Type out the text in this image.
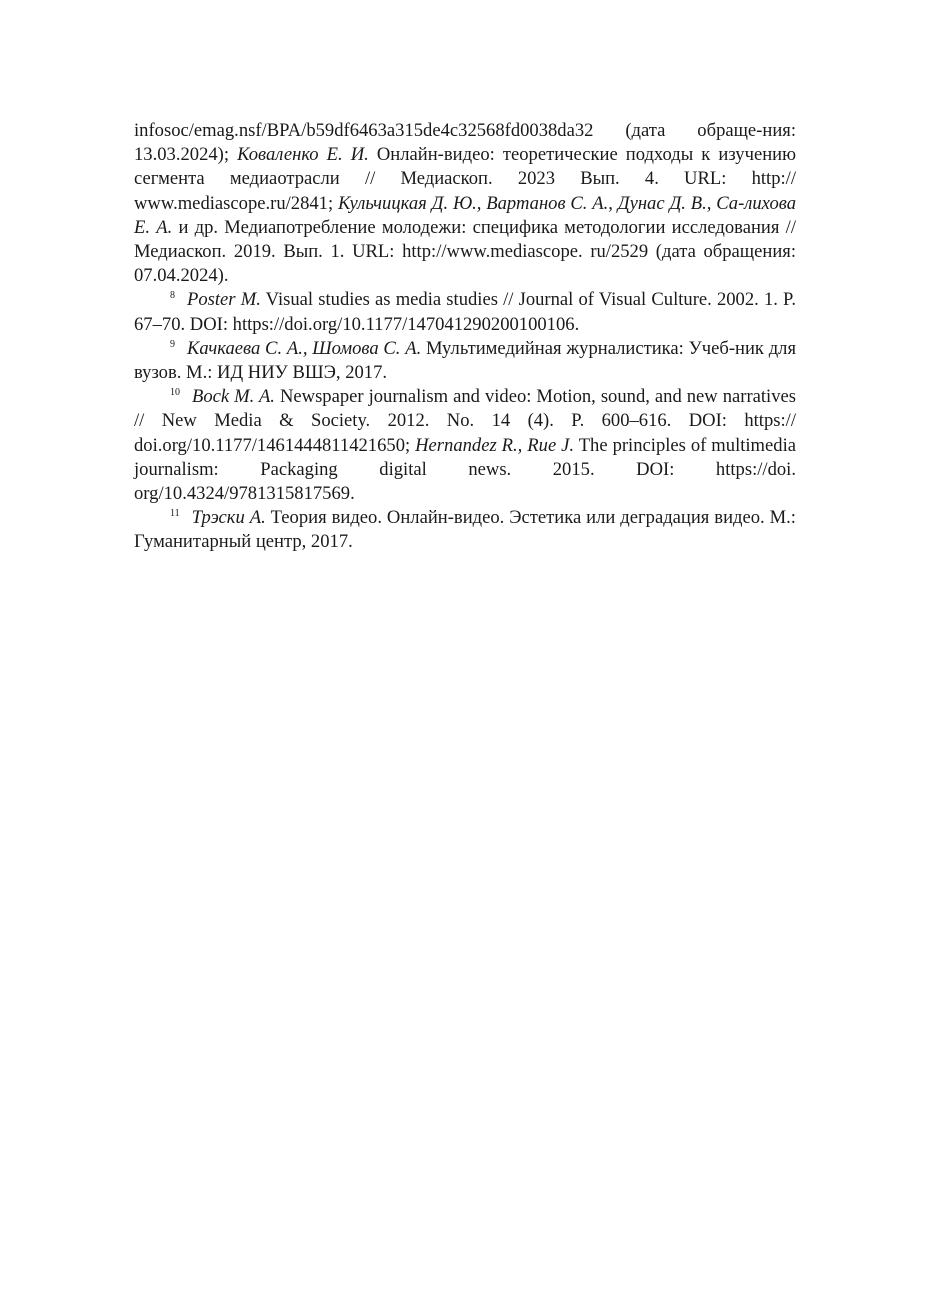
infosoc/emag.nsf/BPA/b59df6463a315de4c32568fd0038da32 (дата обраще-ния: 13.03.2024); Коваленко Е. И. Онлайн-видео: теоретические подходы к изучению сегмента медиаотрасли // Медиаскоп. 2023 Вып. 4. URL: http:// www.mediascope.ru/2841; Кульчицкая Д. Ю., Вартанов С. А., Дунас Д. В., Са-лихова Е. А. и др. Медиапотребление молодежи: специфика методологии исследования // Медиаскоп. 2019. Вып. 1. URL: http://www.mediascope. ru/2529 (дата обращения: 07.04.2024).

$^8$ Poster M. Visual studies as media studies // Journal of Visual Culture. 2002. 1. P. 67–70. DOI: https://doi.org/10.1177/147041290200100106.

$^9$ Качкаева С. А., Шомова С. А. Мультимедийная журналистика: Учеб-ник для вузов. М.: ИД НИУ ВШЭ, 2017.

$^{10}$ Bock M. A. Newspaper journalism and video: Motion, sound, and new narratives // New Media & Society. 2012. No. 14 (4). P. 600–616. DOI: https:// doi.org/10.1177/1461444811421650; Hernandez R., Rue J. The principles of multimedia journalism: Packaging digital news. 2015. DOI: https://doi. org/10.4324/9781315817569.

$^{11}$ Трэски А. Теория видео. Онлайн-видео. Эстетика или деградация видео. М.: Гуманитарный центр, 2017.
